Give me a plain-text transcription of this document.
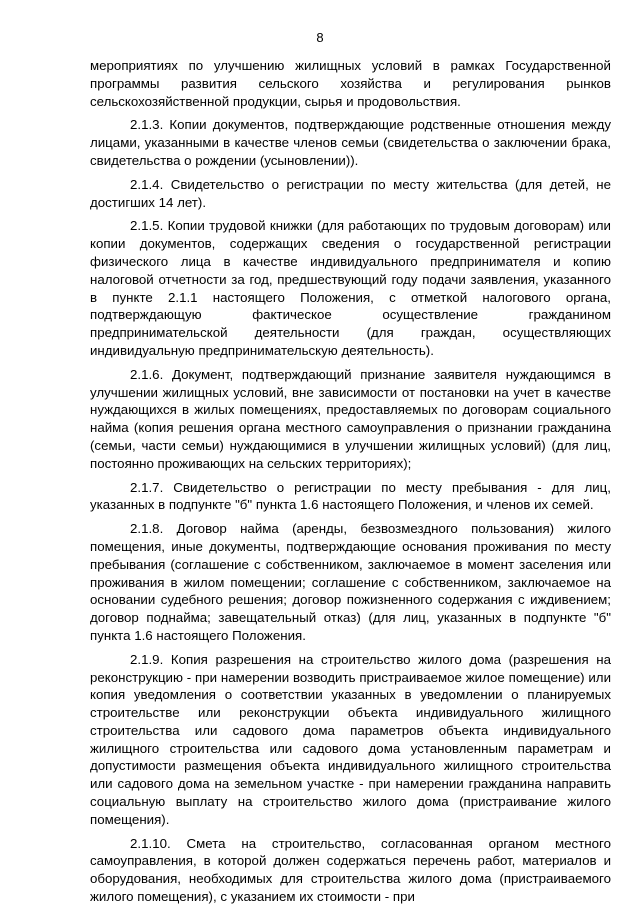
8

мероприятиях по улучшению жилищных условий в рамках Государственной программы развития сельского хозяйства и регулирования рынков сельскохозяйственной продукции, сырья и продовольствия.

2.1.3. Копии документов, подтверждающие родственные отношения между лицами, указанными в качестве членов семьи (свидетельства о заключении брака, свидетельства о рождении (усыновлении)).

2.1.4. Свидетельство о регистрации по месту жительства (для детей, не достигших 14 лет).

2.1.5. Копии трудовой книжки (для работающих по трудовым договорам) или копии документов, содержащих сведения о государственной регистрации физического лица в качестве индивидуального предпринимателя и копию налоговой отчетности за год, предшествующий году подачи заявления, указанного в пункте 2.1.1 настоящего Положения, с отметкой налогового органа, подтверждающую фактическое осуществление гражданином предпринимательской деятельности (для граждан, осуществляющих индивидуальную предпринимательскую деятельность).

2.1.6. Документ, подтверждающий признание заявителя нуждающимся в улучшении жилищных условий, вне зависимости от постановки на учет в качестве нуждающихся в жилых помещениях, предоставляемых по договорам социального найма (копия решения органа местного самоуправления о признании гражданина (семьи, части семьи) нуждающимися в улучшении жилищных условий) (для лиц, постоянно проживающих на сельских территориях);

2.1.7. Свидетельство о регистрации по месту пребывания - для лиц, указанных в подпункте "б" пункта 1.6 настоящего Положения, и членов их семей.

2.1.8. Договор найма (аренды, безвозмездного пользования) жилого помещения, иные документы, подтверждающие основания проживания по месту пребывания (соглашение с собственником, заключаемое в момент заселения или проживания в жилом помещении; соглашение с собственником, заключаемое на основании судебного решения; договор пожизненного содержания с иждивением; договор поднайма; завещательный отказ) (для лиц, указанных в подпункте "б" пункта 1.6 настоящего Положения.

2.1.9. Копия разрешения на строительство жилого дома (разрешения на реконструкцию - при намерении возводить пристраиваемое жилое помещение) или копия уведомления о соответствии указанных в уведомлении о планируемых строительстве или реконструкции объекта индивидуального жилищного строительства или садового дома параметров объекта индивидуального жилищного строительства или садового дома установленным параметрам и допустимости размещения объекта индивидуального жилищного строительства или садового дома на земельном участке - при намерении гражданина направить социальную выплату на строительство жилого дома (пристраивание жилого помещения).

2.1.10. Смета на строительство, согласованная органом местного самоуправления, в которой должен содержаться перечень работ, материалов и оборудования, необходимых для строительства жилого дома (пристраиваемого жилого помещения), с указанием их стоимости - при
